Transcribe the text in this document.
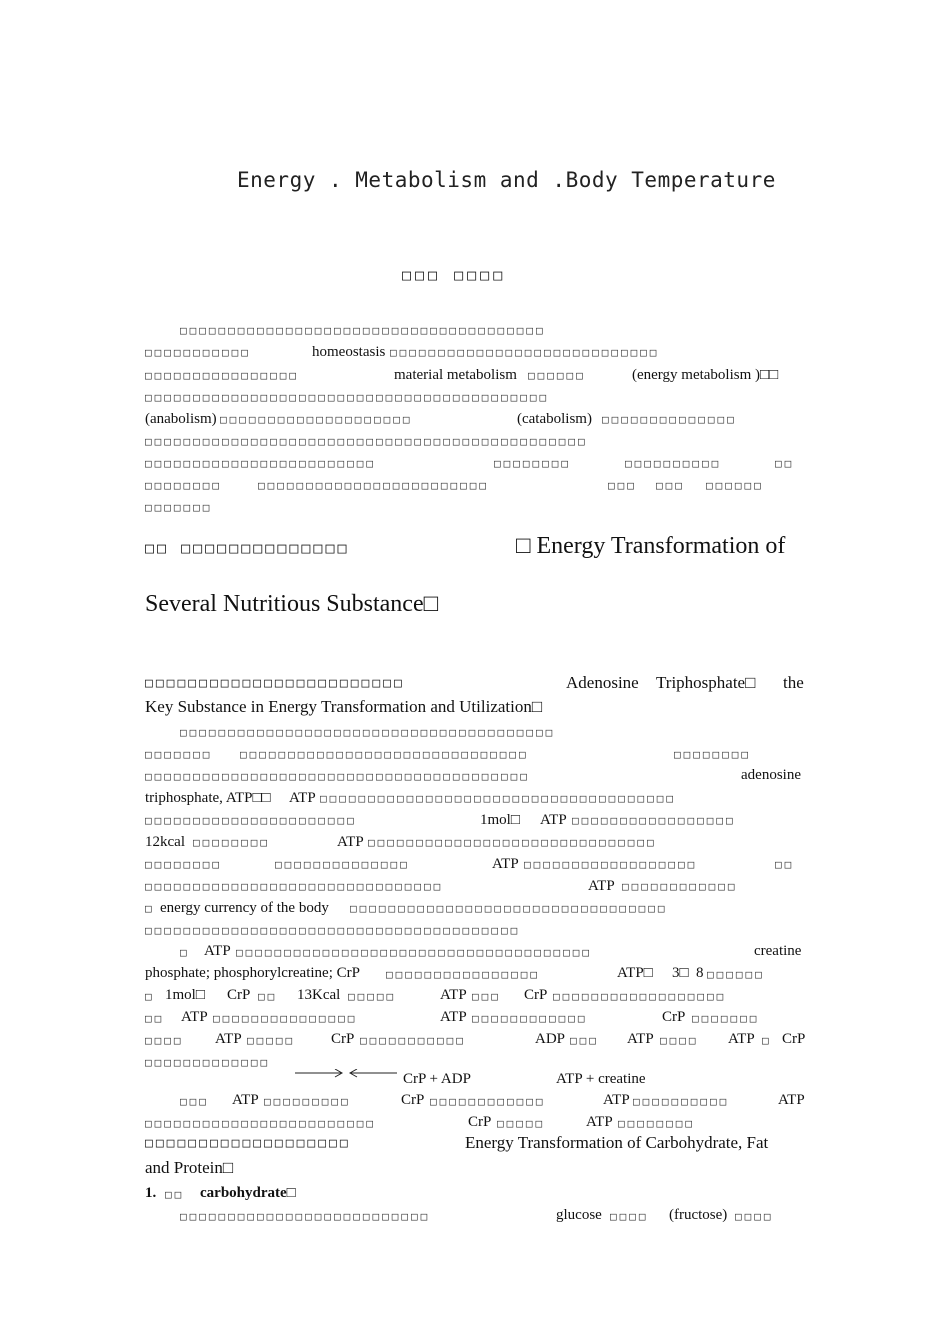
Energy . Metabolism and .Body Temperature
□□□ □□□□
□□□□□□□□□□□□□□□□□□□□□□□□□□□□□□□□□□□□□□
□□□□□□□□□□□	homeostasis □□□□□□□□□□□□□□□□□□□□□□□□□□□□
□□□□□□□□□□□□□□□□	material metabolism □□□□□□	(energy metabolism )□□
□□□□□□□□□□□□□□□□□□□□□□□□□□□□□□□□□□□□□□□□□□
(anabolism) □□□□□□□□□□□□□□□□□□□□	(catabolism) □□□□□□□□□□□□□□
□□□□□□□□□□□□□□□□□□□□□□□□□□□□□□□□□□□□□□□□□□□□□□
□□□□□□□□□□□□□□□□□□□□□□□□	□□□□□□□□	□□□□□□□□□□	□□
□□□□□□□□	□□□□□□□□□□□□□□□□□□□□□□□□	□□□ □□□ □□□□□□
□□□□□□□
□□ □□□□□□□□□□□□□□	□ Energy Transformation of
Several Nutritious Substance□
□□□□□□□□□□□□□□□□□□□□□□□□	Adenosine Triphosphate□ the
Key Substance in Energy Transformation and Utilization□
□□□□□□□□□□□□□□□□□□□□□□□□□□□□□□□□□□□□□□□
□□□□□□□	□□□□□□□□□□□□□□□□□□□□□□□□□□□□□□	□□□□□□□□
□□□□□□□□□□□□□□□□□□□□□□□□□□□□□□□□□□□□□□□□	adenosine
triphosphate, ATP□□ ATP □□□□□□□□□□□□□□□□□□□□□□□□□□□□□□□□□□□□□
□□□□□□□□□□□□□□□□□□□□□□	1mol□ ATP □□□□□□□□□□□□□□□□□
12kcal □□□□□□□□	ATP □□□□□□□□□□□□□□□□□□□□□□□□□□□□□□
□□□□□□□□	□□□□□□□□□□□□□□	ATP □□□□□□□□□□□□□□□□□□	□□
□□□□□□□□□□□□□□□□□□□□□□□□□□□□□□□	ATP □□□□□□□□□□□□
□ energy currency of the body □□□□□□□□□□□□□□□□□□□□□□□□□□□□□□□□□
□□□□□□□□□□□□□□□□□□□□□□□□□□□□□□□□□□□□□□□
□ ATP □□□□□□□□□□□□□□□□□□□□□□□□□□□□□□□□□□□□□	creatine
phosphate; phosphorylcreatine; CrP □□□□□□□□□□□□□□□□	ATP□ 3□ 8 □□□□□□
□ 1mol□ CrP □□ 13Kcal □□□□□	ATP □□□ CrP □□□□□□□□□□□□□□□□□□
□□ ATP □□□□□□□□□□□□□□□	ATP □□□□□□□□□□□□	CrP □□□□□□□
□□□□ ATP □□□□□ CrP □□□□□□□□□□□	ADP □□□ ATP □□□□ ATP □ CrP
□□□□□□□□□□□□□
CrP + ADP	ATP + creatine
□□□ ATP □□□□□□□□□	CrP □□□□□□□□□□□□	ATP □□□□□□□□□□	ATP
□□□□□□□□□□□□□□□□□□□□□□□□	CrP □□□□□	ATP □□□□□□□□
□□□□□□□□□□□□□□□□□□□	Energy Transformation of Carbohydrate, Fat
and Protein□
1. □□ carbohydrate□
□□□□□□□□□□□□□□□□□□□□□□□□□□	glucose □□□□ (fructose) □□□□
